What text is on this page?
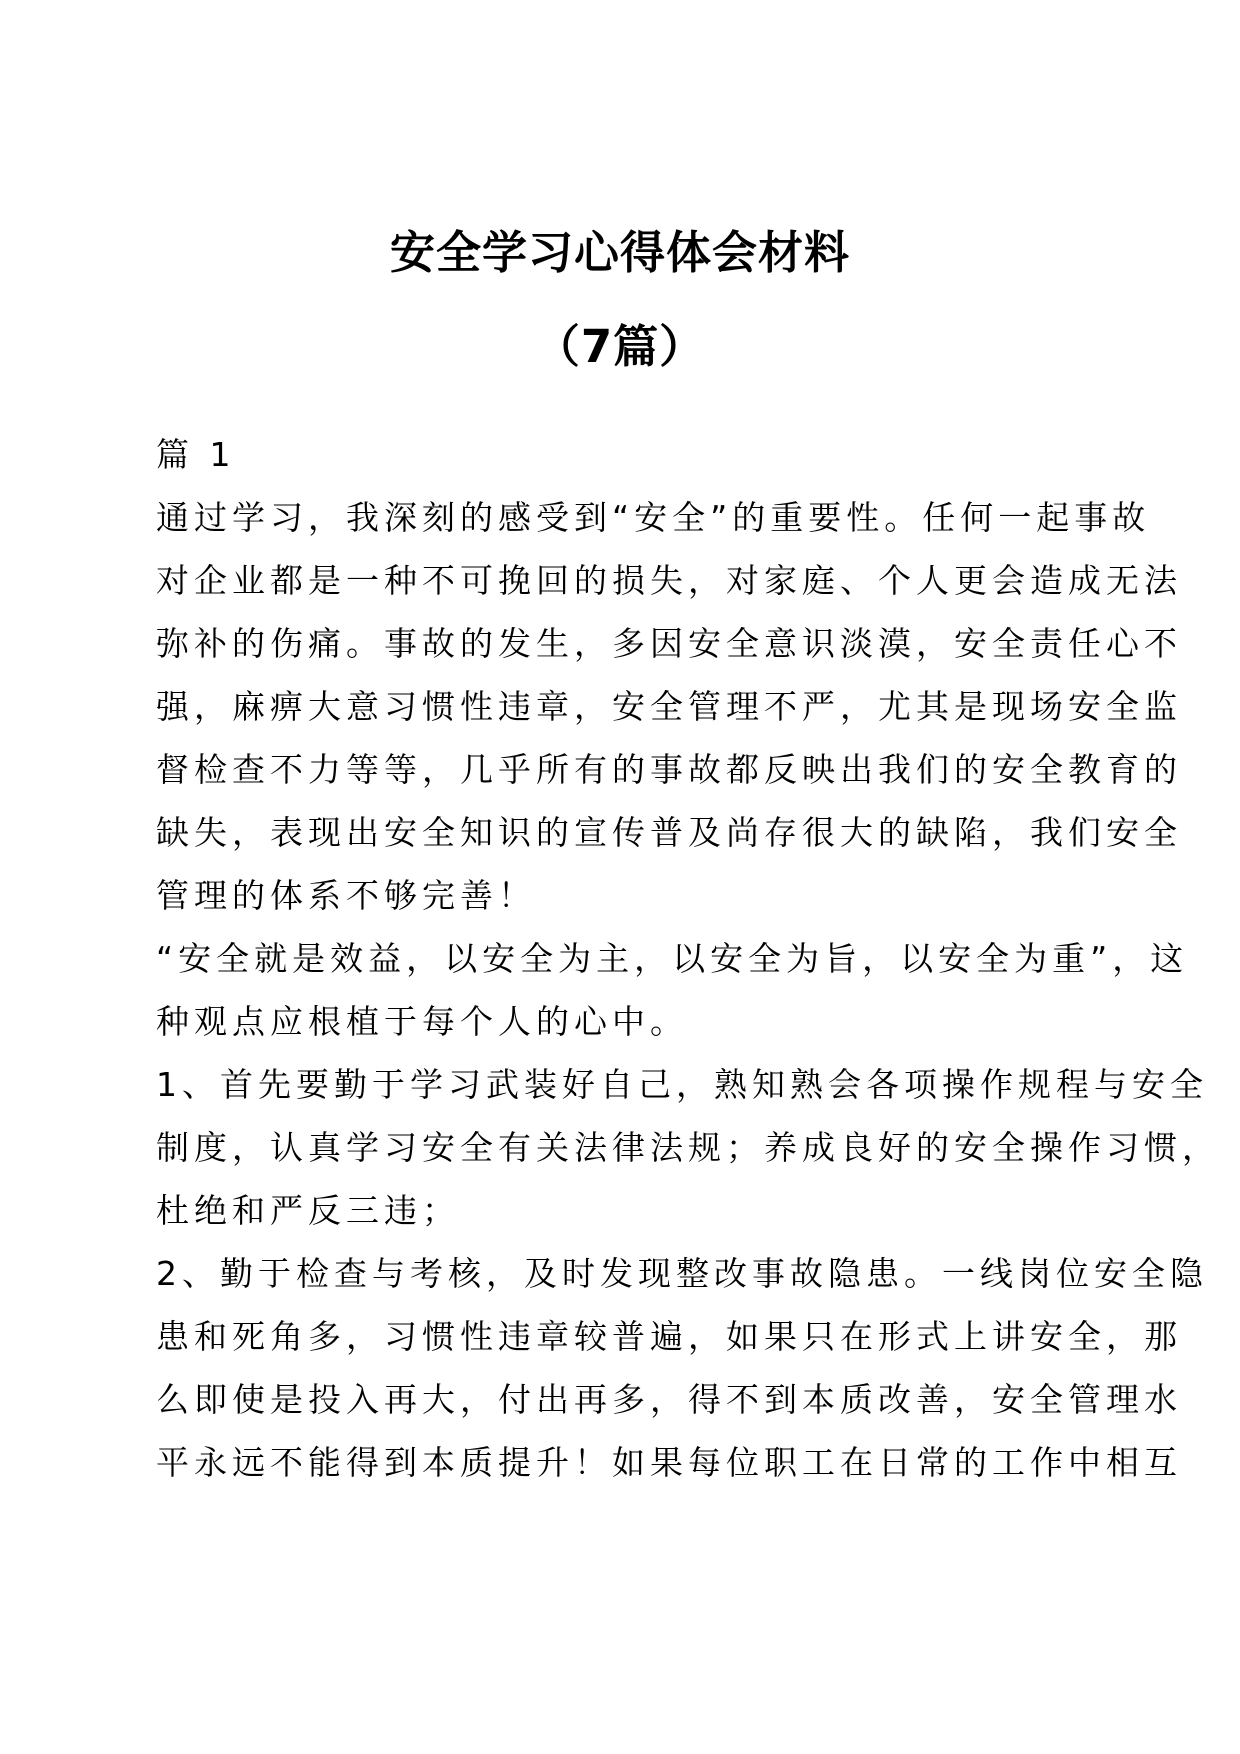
安全学习心得体会材料
（7篇）
篇 1
通过学习，我深刻的感受到“安全”的重要性。任何一起事故
对企业都是一种不可挽回的损失，对家庭、个人更会造成无法
弥补的伤痛。事故的发生，多因安全意识淡漠，安全责任心不
强，麻痹大意习惯性违章，安全管理不严，尤其是现场安全监
督检查不力等等，几乎所有的事故都反映出我们的安全教育的
缺失，表现出安全知识的宣传普及尚存很大的缺陷，我们安全
管理的体系不够完善！
“安全就是效益，以安全为主，以安全为旨，以安全为重”，这
种观点应根植于每个人的心中。
1、首先要勤于学习武装好自己，熟知熟会各项操作规程与安全
制度，认真学习安全有关法律法规；养成良好的安全操作习惯，
杜绝和严反三违；
2、勤于检查与考核，及时发现整改事故隐患。一线岗位安全隐
患和死角多，习惯性违章较普遍，如果只在形式上讲安全，那
么即使是投入再大，付出再多，得不到本质改善，安全管理水
平永远不能得到本质提升！如果每位职工在日常的工作中相互
